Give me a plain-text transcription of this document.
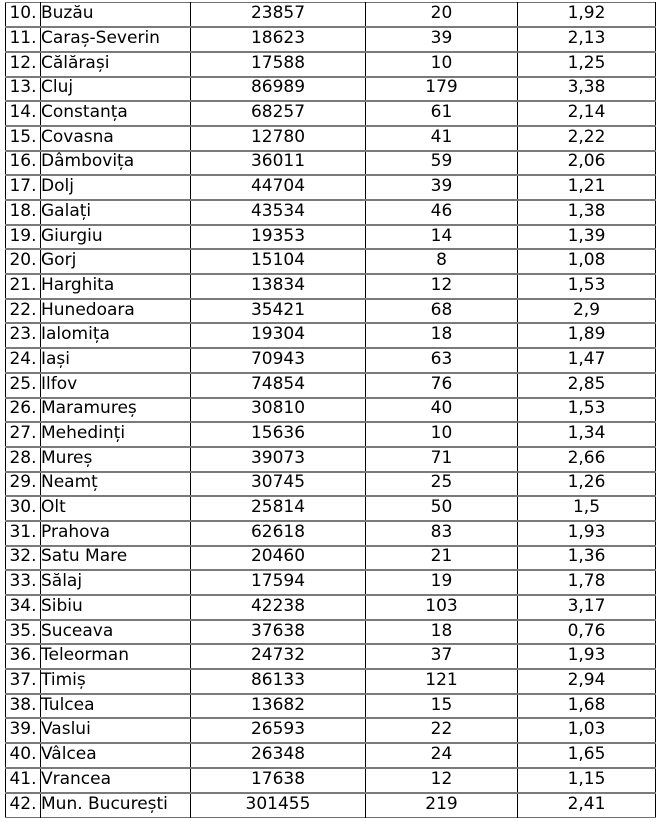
10.	Buzău	23857	20	1,92
11.	Caraș-Severin	18623	39	2,13
12.	Călărași	17588	10	1,25
13.	Cluj	86989	179	3,38
14.	Constanța	68257	61	2,14
15.	Covasna	12780	41	2,22
16.	Dâmbovița	36011	59	2,06
17.	Dolj	44704	39	1,21
18.	Galați	43534	46	1,38
19.	Giurgiu	19353	14	1,39
20.	Gorj	15104	8	1,08
21.	Harghita	13834	12	1,53
22.	Hunedoara	35421	68	2,9
23.	Ialomița	19304	18	1,89
24.	Iași	70943	63	1,47
25.	Ilfov	74854	76	2,85
26.	Maramureș	30810	40	1,53
27.	Mehedinți	15636	10	1,34
28.	Mureș	39073	71	2,66
29.	Neamț	30745	25	1,26
30.	Olt	25814	50	1,5
31.	Prahova	62618	83	1,93
32.	Satu Mare	20460	21	1,36
33.	Sălaj	17594	19	1,78
34.	Sibiu	42238	103	3,17
35.	Suceava	37638	18	0,76
36.	Teleorman	24732	37	1,93
37.	Timiș	86133	121	2,94
38.	Tulcea	13682	15	1,68
39.	Vaslui	26593	22	1,03
40.	Vâlcea	26348	24	1,65
41.	Vrancea	17638	12	1,15
42.	Mun. București	301455	219	2,41
